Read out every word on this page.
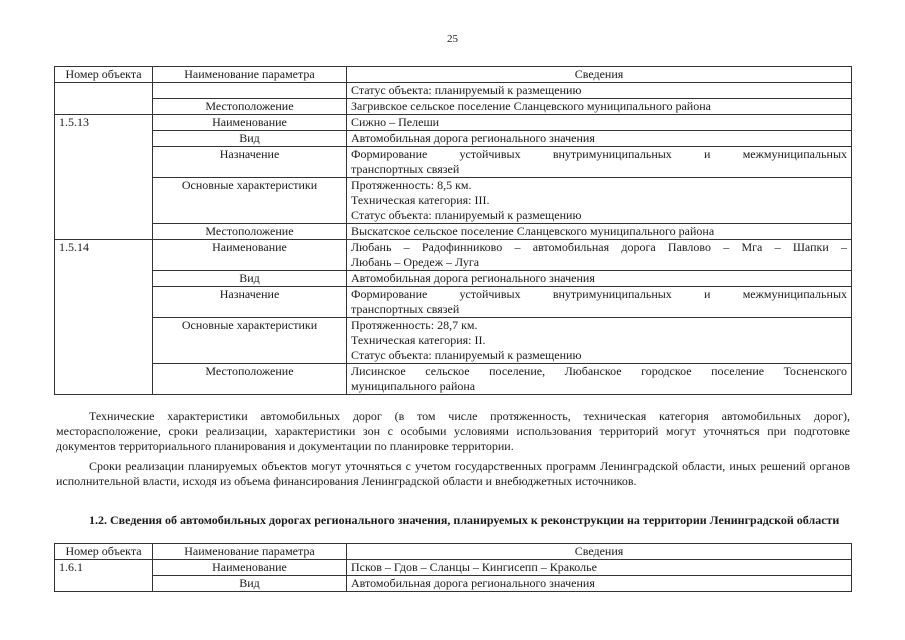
25
Номер объекта	Наименование параметра	Сведения

		Статус объекта: планируемый к размещению

	Местоположение	Загривское сельское поселение Сланцевского муниципального района

1.5.13	Наименование	Сижно – Пелеши

	Вид	Автомобильная дорога регионального значения

	Назначение	Формирование устойчивых внутримуниципальных и межмуниципальных
транспортных связей

	Основные характеристики	Протяженность: 8,5 км.
Техническая категория: III.
Статус объекта: планируемый к размещению

	Местоположение	Выскатское сельское поселение Сланцевского муниципального района

1.5.14	Наименование	Любань – Радофинниково – автомобильная дорога Павлово – Мга – Шапки –
Любань – Оредеж – Луга

	Вид	Автомобильная дорога регионального значения

	Назначение	Формирование устойчивых внутримуниципальных и межмуниципальных
транспортных связей

	Основные характеристики	Протяженность: 28,7 км.
Техническая категория: II.
Статус объекта: планируемый к размещению

	Местоположение	Лисинское сельское поселение, Любанское городское поселение Тосненского
муниципального района

Технические характеристики автомобильных дорог (в том числе протяженность, техническая категория автомобильных дорог), месторасположение, сроки реализации, характеристики зон с особыми условиями использования территорий могут уточняться при подготовке документов территориального планирования и документации по планировке территории.

Сроки реализации планируемых объектов могут уточняться с учетом государственных программ Ленинградской области, иных решений органов исполнительной власти, исходя из объема финансирования Ленинградской области и внебюджетных источников.

1.2. Сведения об автомобильных дорогах регионального значения, планируемых к реконструкции на территории Ленинградской области

Номер объекта	Наименование параметра	Сведения
1.6.1	Наименование	Псков – Гдов – Сланцы – Кингисепп – Краколье

	Вид	Автомобильная дорога регионального значения
